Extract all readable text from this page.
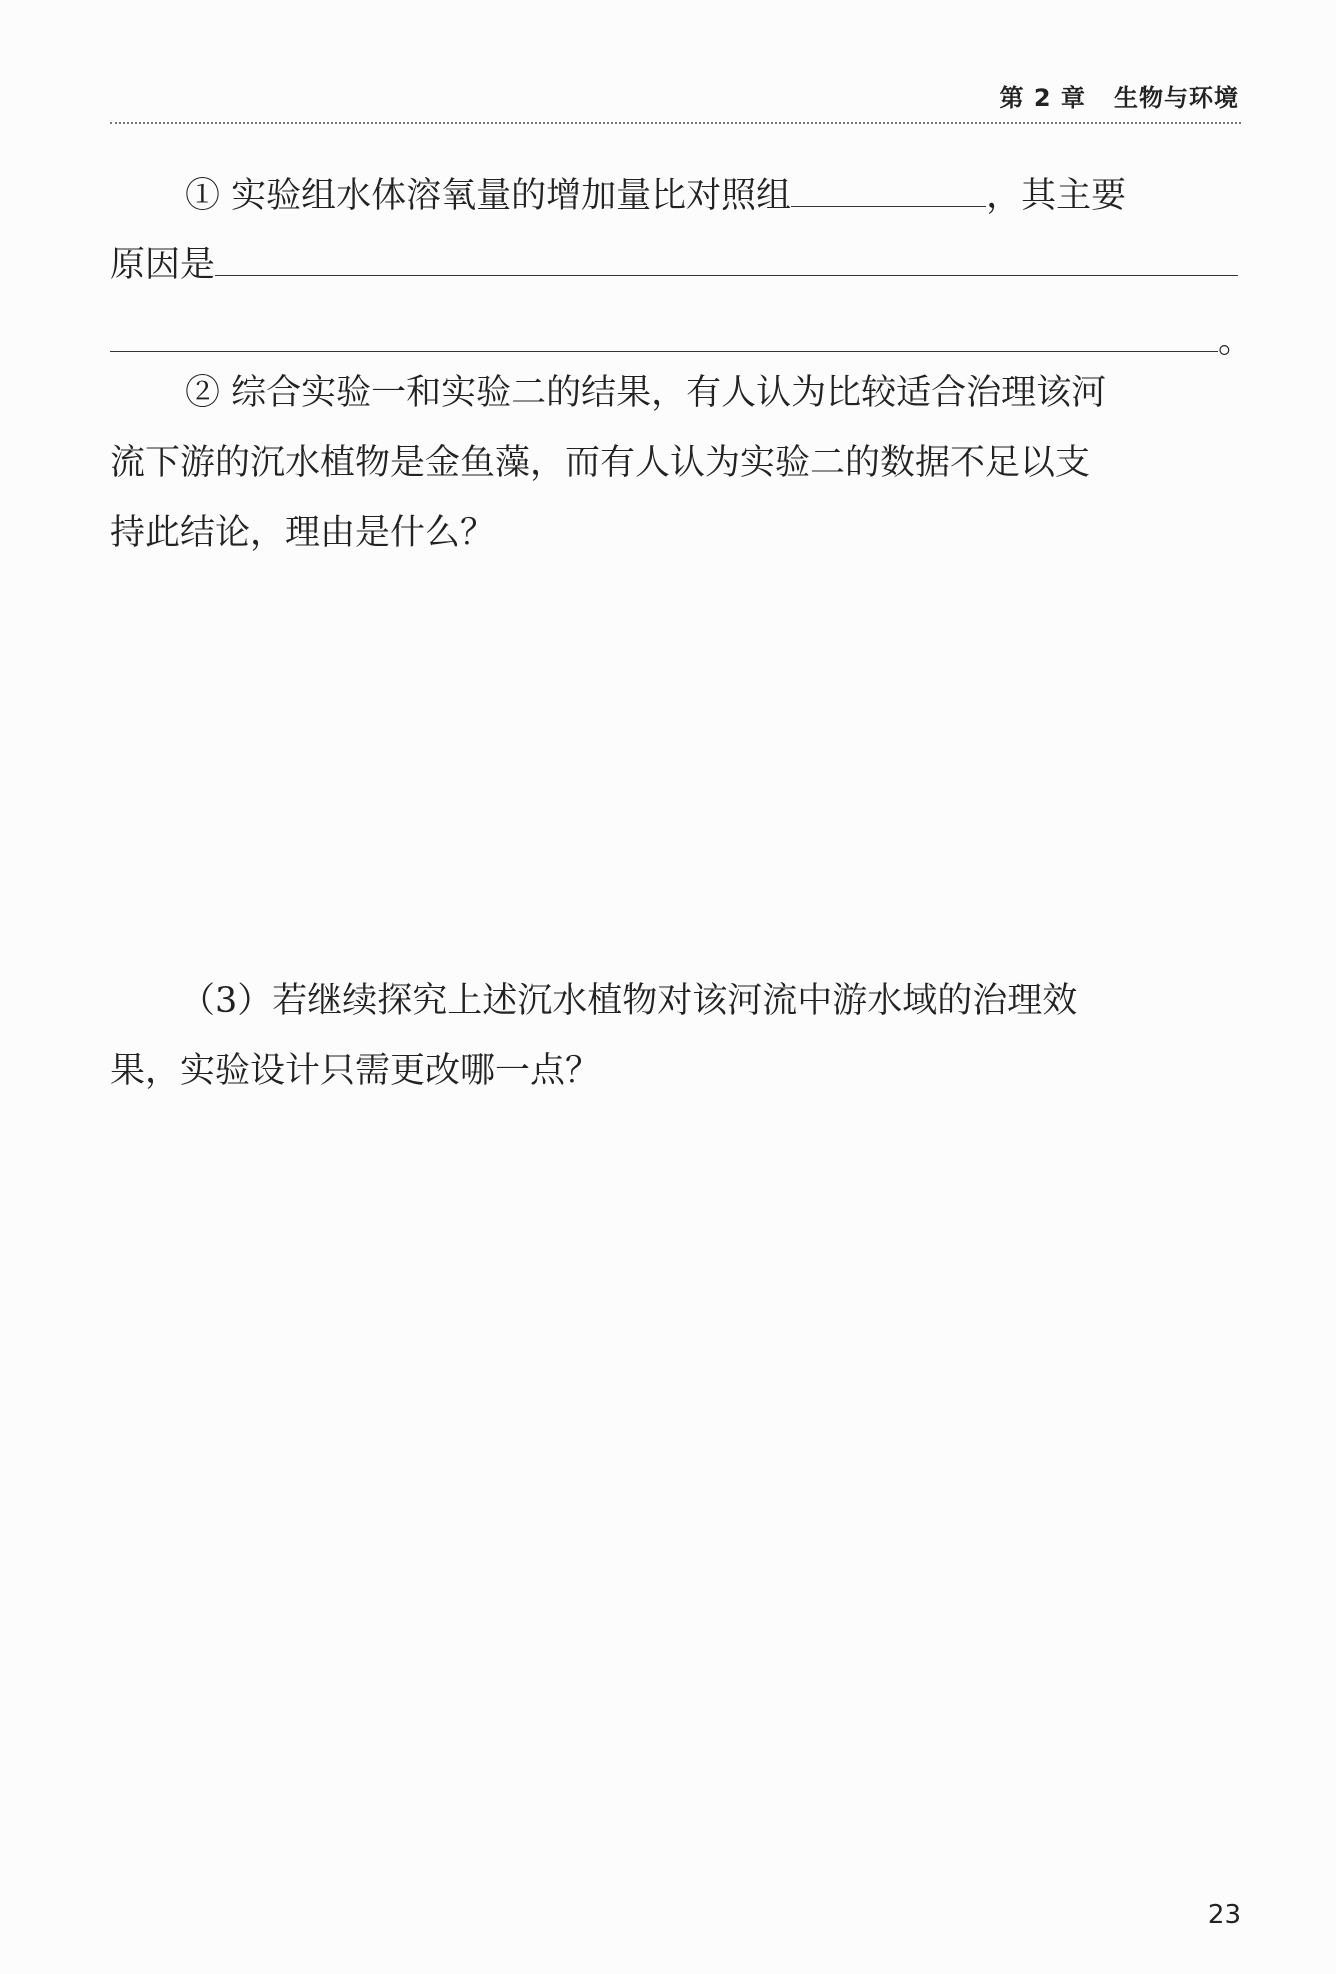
第 2 章   生物与环境
① 实验组水体溶氧量的增加量比对照组	，其主要
原因是
。
② 综合实验一和实验二的结果，有人认为比较适合治理该河
流下游的沉水植物是金鱼藻，而有人认为实验二的数据不足以支
持此结论，理由是什么？
（3）若继续探究上述沉水植物对该河流中游水域的治理效
果，实验设计只需更改哪一点？
23
